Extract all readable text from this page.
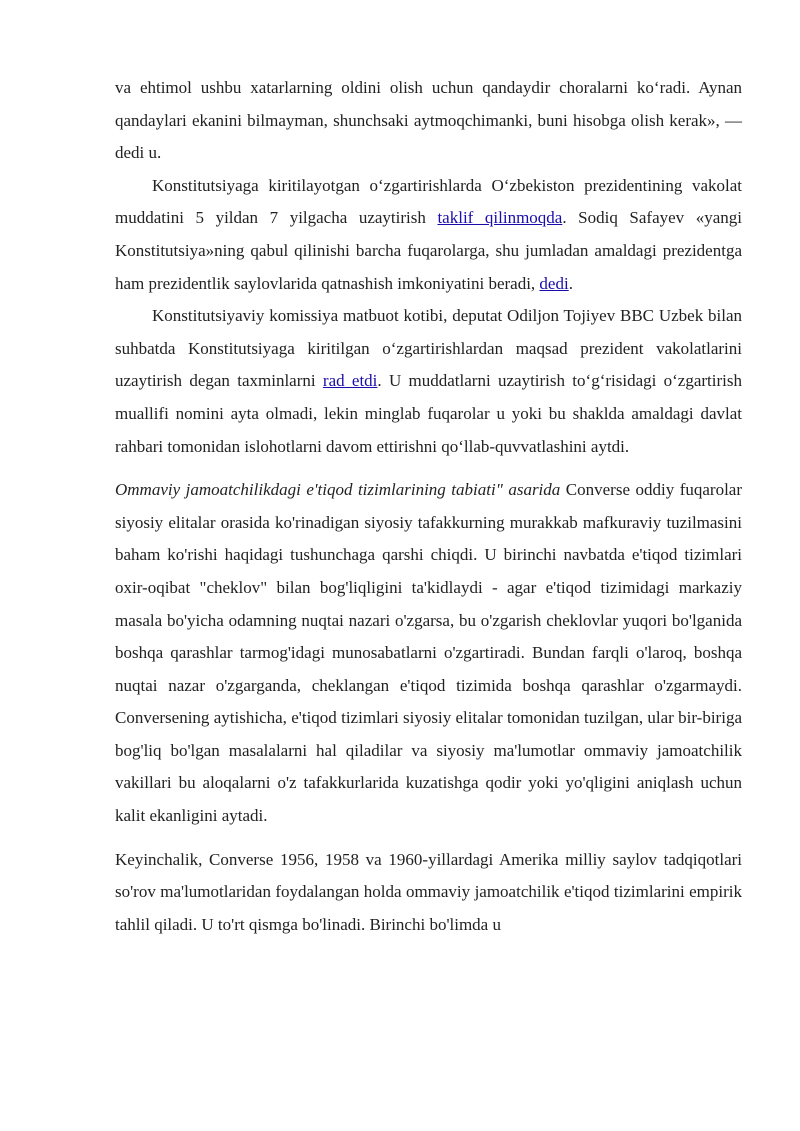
va ehtimol ushbu xatarlarning oldini olish uchun qandaydir choralarni ko‘radi. Aynan qandaylari ekanini bilmayman, shunchsaki aytmoqchimanki, buni hisobga olish kerak», — dedi u.

Konstitutsiyaga kiritilayotgan o‘zgartirishlarda O‘zbekiston prezidentining vakolat muddatini 5 yildan 7 yilgacha uzaytirish taklif qilinmoqda. Sodiq Safayev «yangi Konstitutsiya»ning qabul qilinishi barcha fuqarolarga, shu jumladan amaldagi prezidentga ham prezidentlik saylovlarida qatnashish imkoniyatini beradi, dedi.

Konstitutsiyaviy komissiya matbuot kotibi, deputat Odiljon Tojiyev BBC Uzbek bilan suhbatda Konstitutsiyaga kiritilgan o‘zgartirishlardan maqsad prezident vakolatlarini uzaytirish degan taxminlarni rad etdi. U muddatlarni uzaytirish to‘g‘risidagi o‘zgartirish muallifi nomini ayta olmadi, lekin minglab fuqarolar u yoki bu shaklda amaldagi davlat rahbari tomonidan islohotlarni davom ettirishni qo‘llab-quvvatlashini aytdi.

Ommaviy jamoatchilikdagi e'tiqod tizimlarining tabiati" asarida Converse oddiy fuqarolar siyosiy elitalar orasida ko'rinadigan siyosiy tafakkurning murakkab mafkuraviy tuzilmasini baham ko'rishi haqidagi tushunchaga qarshi chiqdi. U birinchi navbatda e'tiqod tizimlari oxir-oqibat "cheklov" bilan bog'liqligini ta'kidlaydi - agar e'tiqod tizimidagi markaziy masala bo'yicha odamning nuqtai nazari o'zgarsa, bu o'zgarish cheklovlar yuqori bo'lganida boshqa qarashlar tarmog'idagi munosabatlarni o'zgartiradi. Bundan farqli o'laroq, boshqa nuqtai nazar o'zgarganda, cheklangan e'tiqod tizimida boshqa qarashlar o'zgarmaydi. Conversening aytishicha, e'tiqod tizimlari siyosiy elitalar tomonidan tuzilgan, ular bir-biriga bog'liq bo'lgan masalalarni hal qiladilar va siyosiy ma'lumotlar ommaviy jamoatchilik vakillari bu aloqalarni o'z tafakkurlarida kuzatishga qodir yoki yo'qligini aniqlash uchun kalit ekanligini aytadi.

Keyinchalik, Converse 1956, 1958 va 1960-yillardagi Amerika milliy saylov tadqiqotlari so'rov ma'lumotlaridan foydalangan holda ommaviy jamoatchilik e'tiqod tizimlarini empirik tahlil qiladi. U to'rt qismga bo'linadi. Birinchi bo'limda u
